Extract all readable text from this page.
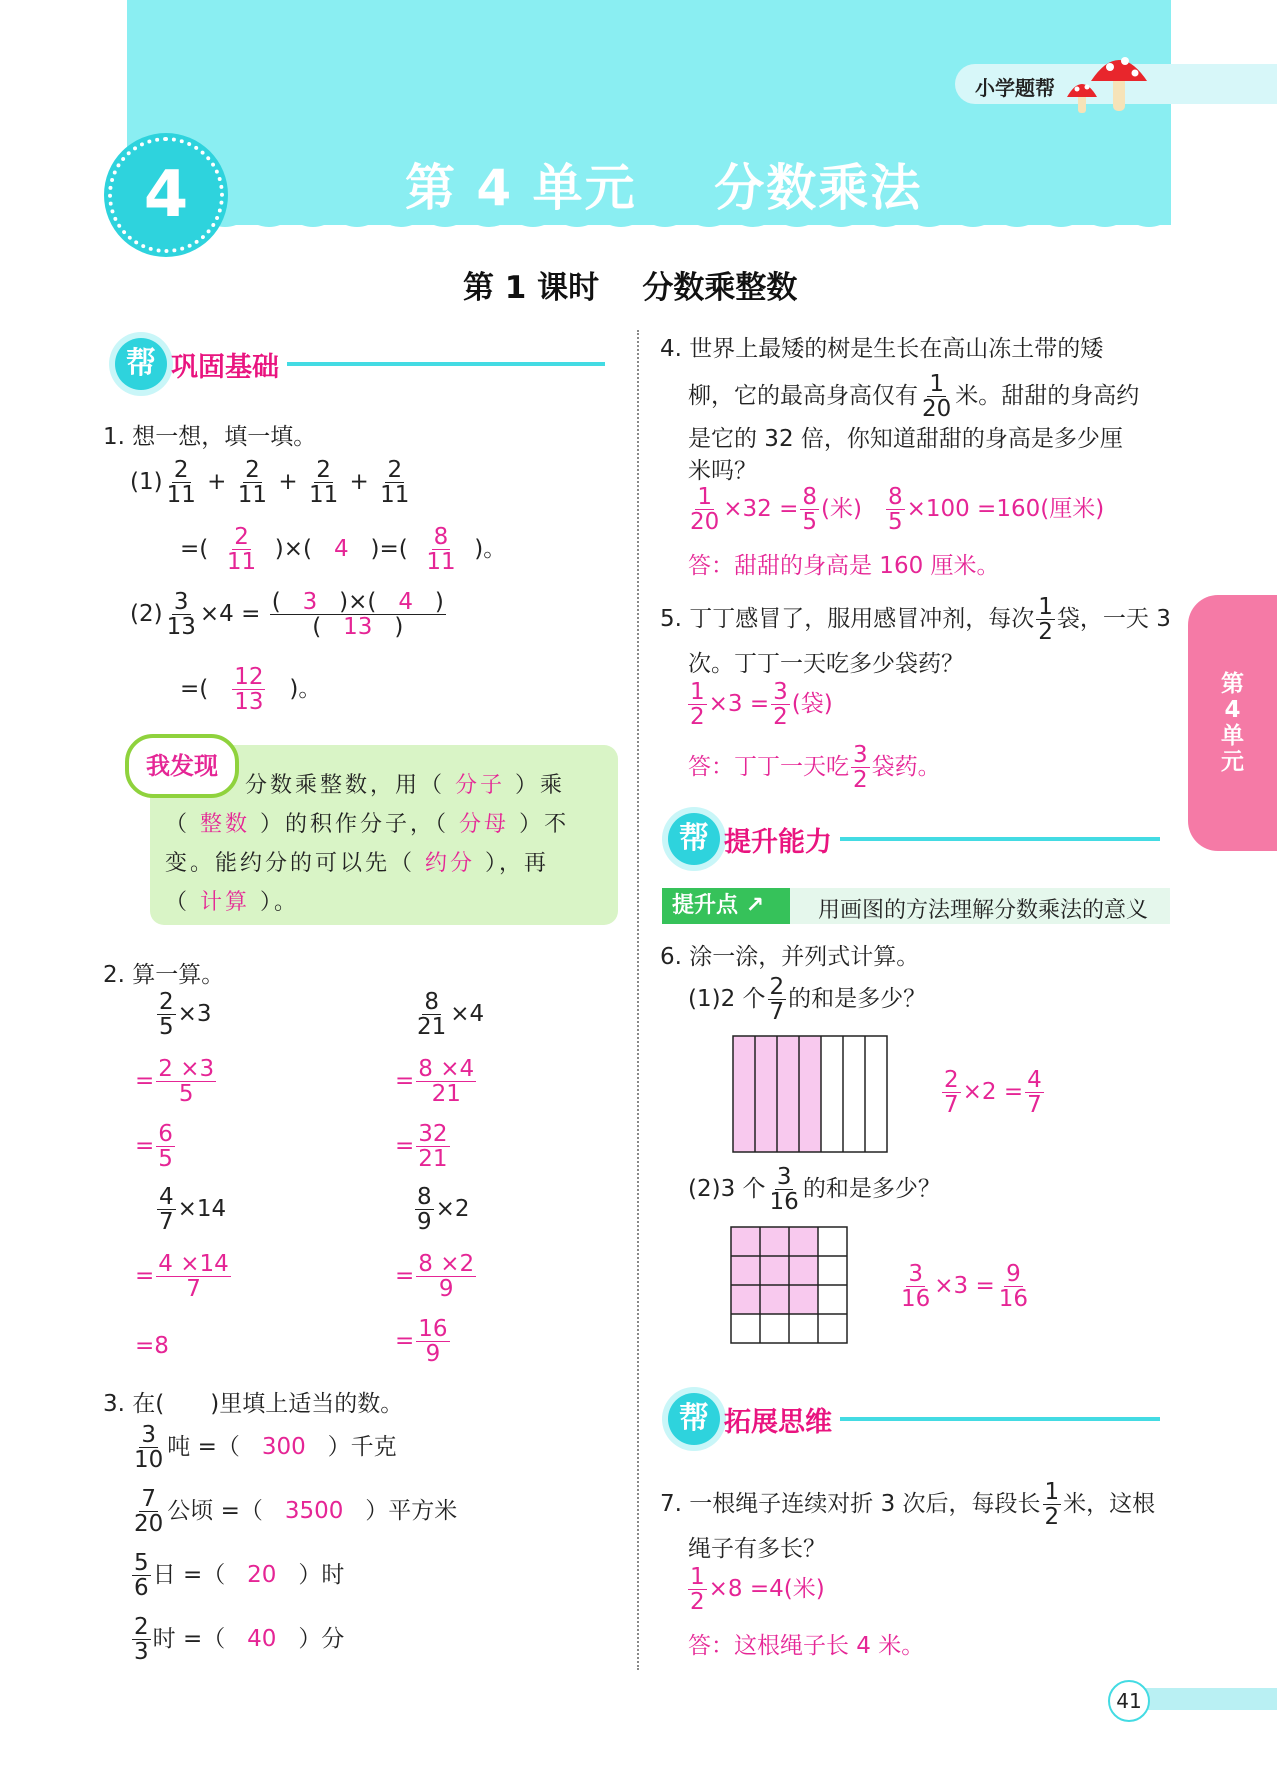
小学题帮
4	第 4 单元    分数乘法
第 1 课时    分数乘整数
第
4
单
元
帮 巩固基础
1. 想一想，填一填。
$(1) \frac{2}{11} + \frac{2}{11} + \frac{2}{11} + \frac{2}{11}$
=( $\frac{2}{11}$ )×(   4   )=( $\frac{8}{11}$ )。
$(2) \frac{3}{13} \times 4 = \frac{( 3 )\times( 4 )}{( 13 )}$
=( $\frac{12}{13}$ )。
我发现
分数乘整数，用（ 分子 ）乘（ 整数 ）的积作分子，（ 分母 ）不变。能约分的可以先（ 约分 ），再（ 计算 ）。
2. 算一算。
$\frac{2}{5} \times 3$
= $\frac{2 \times 3}{5}$
= $\frac{6}{5}$
$\frac{8}{21} \times 4$
= $\frac{8 \times 4}{21}$
= $\frac{32}{21}$
$\frac{4}{7} \times 14$
= $\frac{4 \times 14}{7}$
=8
$\frac{8}{9} \times 2$
= $\frac{8 \times 2}{9}$
= $\frac{16}{9}$
3. 在(　　)里填上适当的数。
$\frac{3}{10}$ 吨 =（ 300 ）千克
$\frac{7}{20}$ 公顷 =（ 3500 ）平方米
$\frac{5}{6}$ 日 =（ 20 ）时
$\frac{2}{3}$ 时 =（ 40 ）分
4. 世界上最矮的树是生长在高山冻土带的矮
柳，它的最高身高仅有 $\frac{1}{20}$ 米。甜甜的身高约
是它的 32 倍，你知道甜甜的身高是多少厘
米吗？
$\frac{1}{20} \times 32 = \frac{8}{5}$ (米) $\frac{8}{5} \times 100 =160$(厘米)
答：甜甜的身高是 160 厘米。
5. 丁丁感冒了，服用感冒冲剂，每次 $\frac{1}{2}$ 袋，一天 3
次。丁丁一天吃多少袋药？
$\frac{1}{2} \times 3 = \frac{3}{2}$ (袋)
答：丁丁一天吃 $\frac{3}{2}$ 袋药。
帮 提升能力
提升点 ↗	用画图的方法理解分数乘法的意义
6. 涂一涂，并列式计算。
(1)2 个 $\frac{2}{7}$ 的和是多少？
$\frac{2}{7} \times 2 = \frac{4}{7}$
(2)3 个 $\frac{3}{16}$ 的和是多少？
$\frac{3}{16} \times 3 = \frac{9}{16}$
帮 拓展思维
7. 一根绳子连续对折 3 次后，每段长 $\frac{1}{2}$ 米，这根
绳子有多长？
$\frac{1}{2} \times 8 =4$(米)
答：这根绳子长 4 米。
41
